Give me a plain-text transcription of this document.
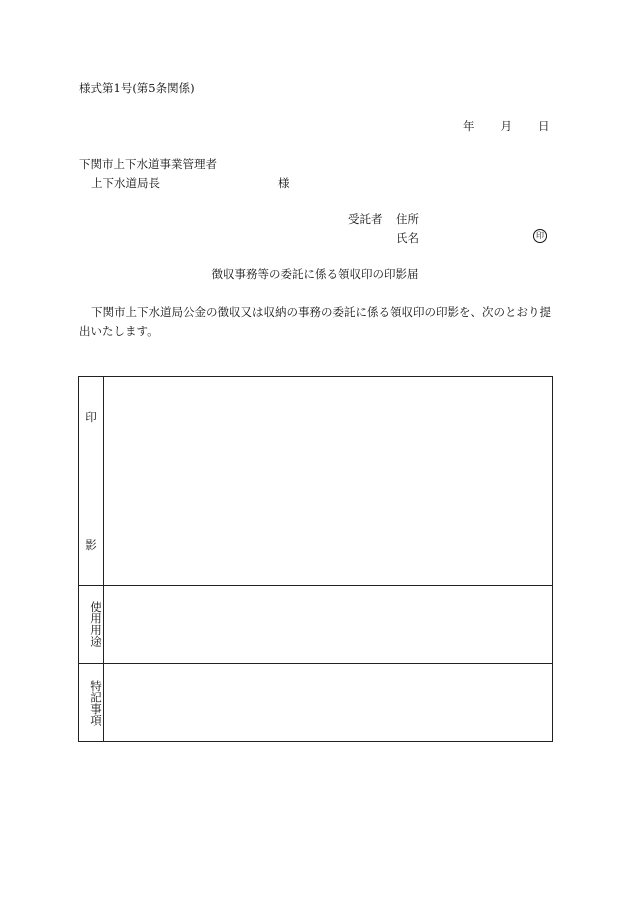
様式第1号(第5条関係)
年 月 日
下関市上下水道事業管理者
上下水道局長	様
受託者 住所
氏名	印
徴収事務等の委託に係る領収印の印影届
下関市上下水道局公金の徴収又は収納の事務の委託に係る領収印の印影を、次のとおり提出いたします。
印
影
使用用途
特記事項
